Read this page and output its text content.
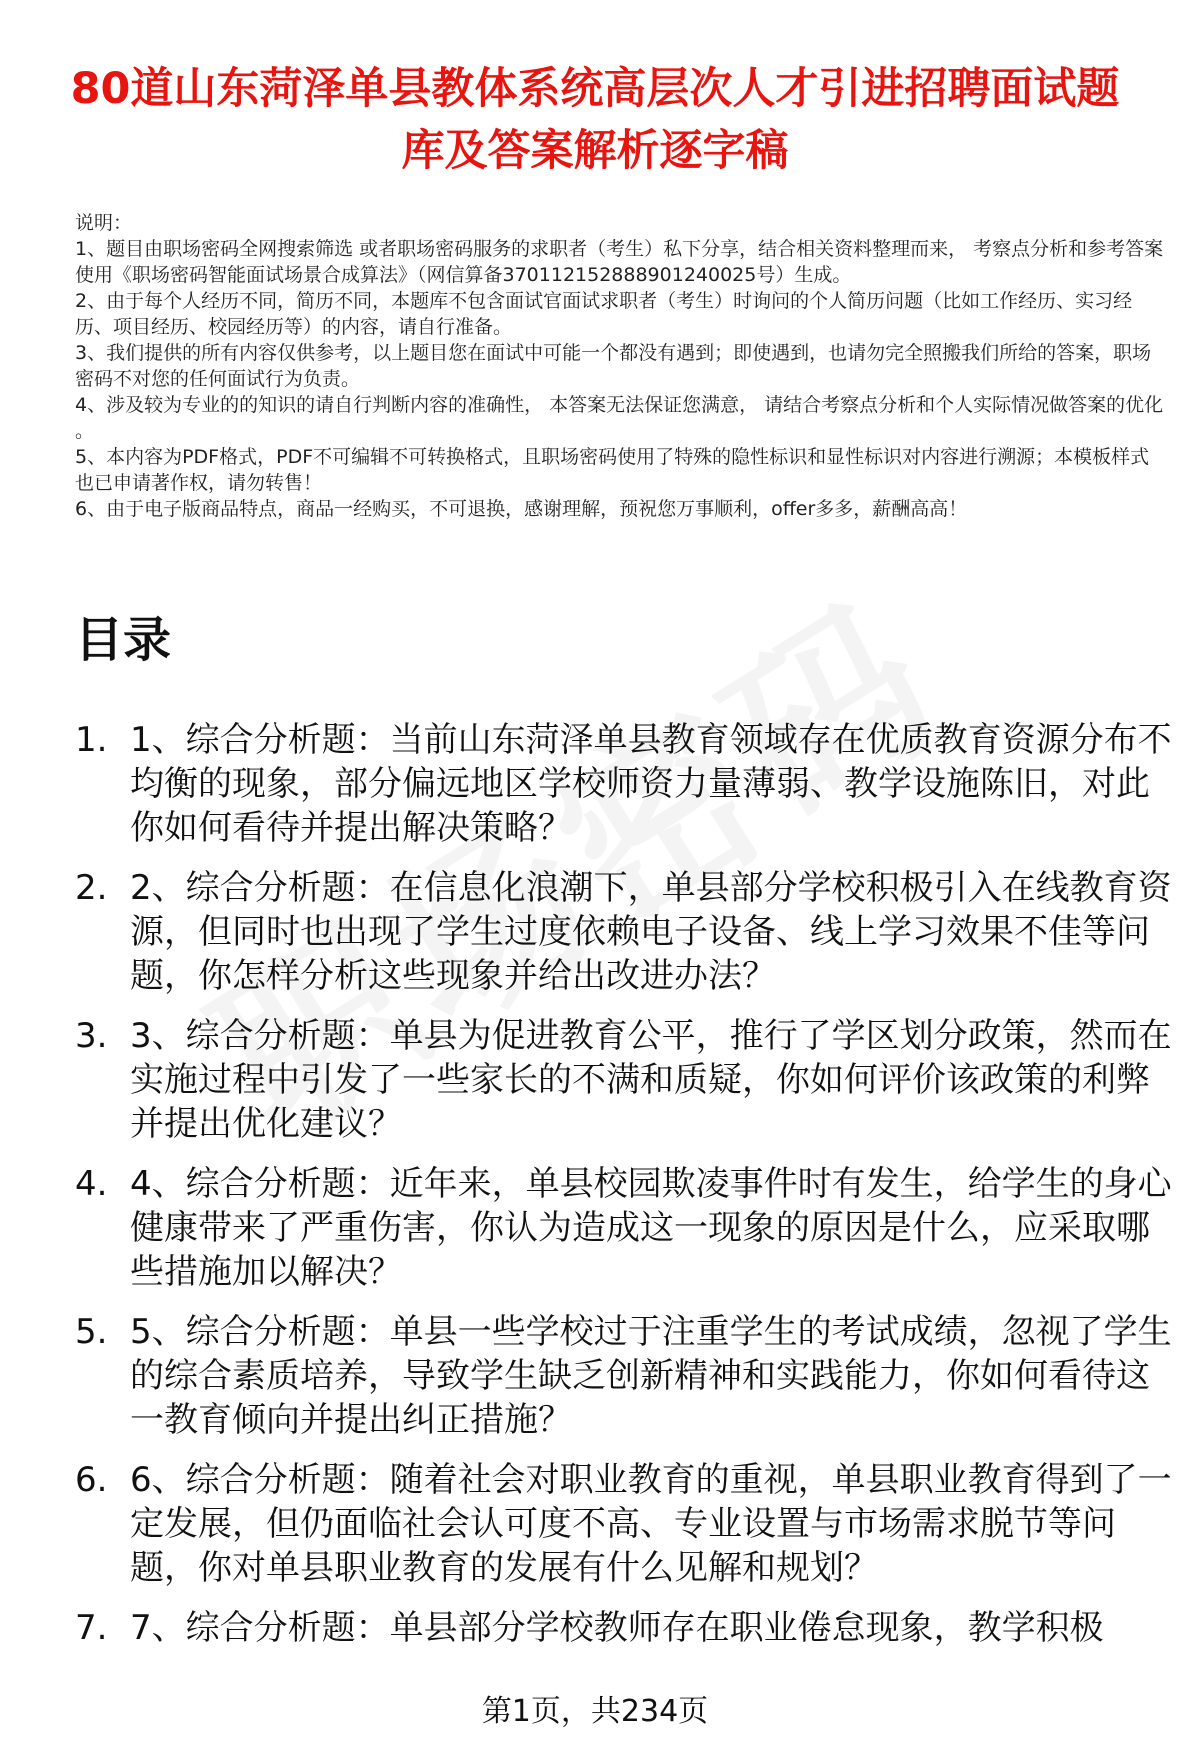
80道山东菏泽单县教体系统高层次人才引进招聘面试题库及答案解析逐字稿

说明：

1、题目由职场密码全网搜索筛选 或者职场密码服务的求职者（考生）私下分享，结合相关资料整理而来， 考察点分析和参考答案使用《职场密码智能面试场景合成算法》（网信算备370112152888901240025号）生成。

2、由于每个人经历不同，简历不同，本题库不包含面试官面试求职者（考生）时询问的个人简历问题（比如工作经历、实习经历、项目经历、校园经历等）的内容，请自行准备。

3、我们提供的所有内容仅供参考，以上题目您在面试中可能一个都没有遇到；即使遇到，也请勿完全照搬我们所给的答案，职场密码不对您的任何面试行为负责。

4、涉及较为专业的的知识的请自行判断内容的准确性， 本答案无法保证您满意， 请结合考察点分析和个人实际情况做答案的优化 。

5、本内容为PDF格式，PDF不可编辑不可转换格式，且职场密码使用了特殊的隐性标识和显性标识对内容进行溯源；本模板样式也已申请著作权，请勿转售！

6、由于电子版商品特点，商品一经购买，不可退换，感谢理解，预祝您万事顺利，offer多多，薪酬高高！

目录
1. 1、综合分析题：当前山东菏泽单县教育领域存在优质教育资源分布不均衡的现象，部分偏远地区学校师资力量薄弱、教学设施陈旧，对此你如何看待并提出解决策略？
2. 2、综合分析题：在信息化浪潮下，单县部分学校积极引入在线教育资源，但同时也出现了学生过度依赖电子设备、线上学习效果不佳等问题，你怎样分析这些现象并给出改进办法？
3. 3、综合分析题：单县为促进教育公平，推行了学区划分政策，然而在实施过程中引发了一些家长的不满和质疑，你如何评价该政策的利弊并提出优化建议？
4. 4、综合分析题：近年来，单县校园欺凌事件时有发生，给学生的身心健康带来了严重伤害，你认为造成这一现象的原因是什么，应采取哪些措施加以解决？
5. 5、综合分析题：单县一些学校过于注重学生的考试成绩，忽视了学生的综合素质培养，导致学生缺乏创新精神和实践能力，你如何看待这一教育倾向并提出纠正措施？
6. 6、综合分析题：随着社会对职业教育的重视，单县职业教育得到了一定发展，但仍面临社会认可度不高、专业设置与市场需求脱节等问题，你对单县职业教育的发展有什么见解和规划？
7. 7、综合分析题：单县部分学校教师存在职业倦怠现象，教学积极
第1页，共234页
